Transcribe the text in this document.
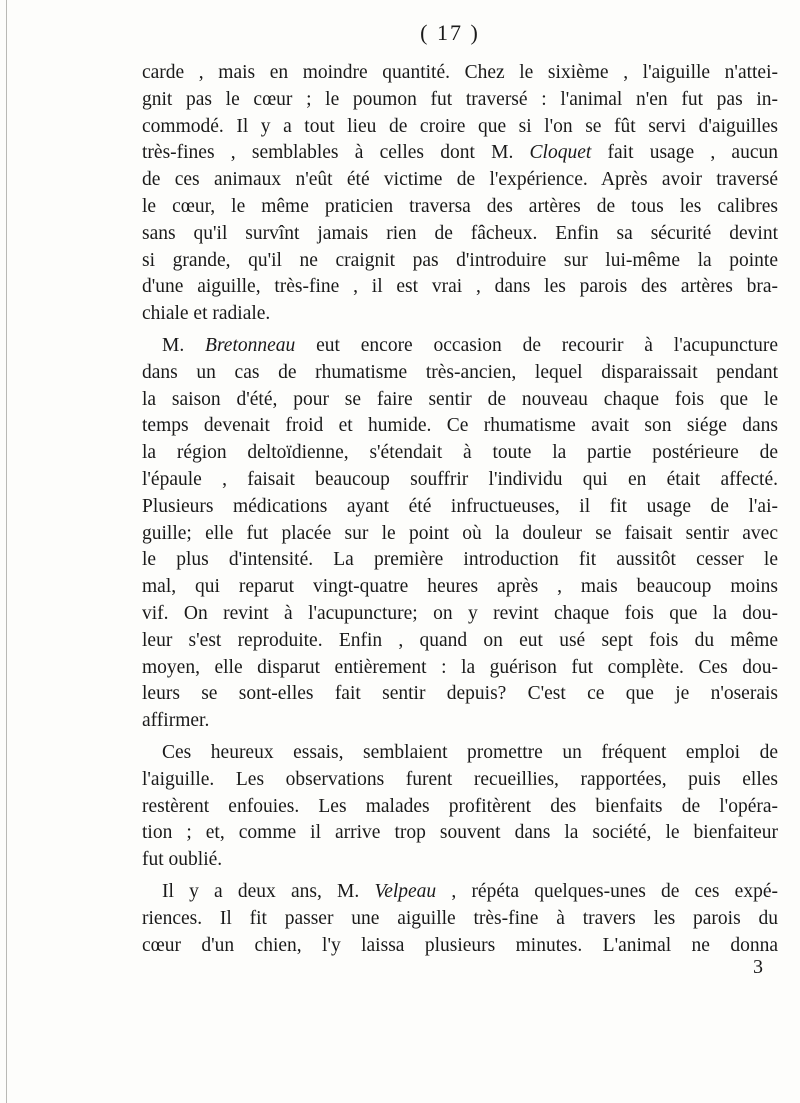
( 17 )

carde , mais en moindre quantité. Chez le sixième , l'aiguille n'attei-
gnit pas le cœur ; le poumon fut traversé : l'animal n'en fut pas in-
commodé. Il y a tout lieu de croire que si l'on se fût servi d'aiguilles
très-fines , semblables à celles dont M. Cloquet fait usage , aucun
de ces animaux n'eût été victime de l'expérience. Après avoir traversé
le cœur, le même praticien traversa des artères de tous les calibres
sans qu'il survînt jamais rien de fâcheux. Enfin sa sécurité devint
si grande, qu'il ne craignit pas d'introduire sur lui-même la pointe
d'une aiguille, très-fine , il est vrai , dans les parois des artères bra-
chiale et radiale.

M. Bretonneau eut encore occasion de recourir à l'acupuncture
dans un cas de rhumatisme très-ancien, lequel disparaissait pendant
la saison d'été, pour se faire sentir de nouveau chaque fois que le
temps devenait froid et humide. Ce rhumatisme avait son siége dans
la région deltoïdienne, s'étendait à toute la partie postérieure de
l'épaule , faisait beaucoup souffrir l'individu qui en était affecté.
Plusieurs médications ayant été infructueuses, il fit usage de l'ai-
guille; elle fut placée sur le point où la douleur se faisait sentir avec
le plus d'intensité. La première introduction fit aussitôt cesser le
mal, qui reparut vingt-quatre heures après , mais beaucoup moins
vif. On revint à l'acupuncture; on y revint chaque fois que la dou-
leur s'est reproduite. Enfin , quand on eut usé sept fois du même
moyen, elle disparut entièrement : la guérison fut complète. Ces dou-
leurs se sont-elles fait sentir depuis? C'est ce que je n'oserais
affirmer.

Ces heureux essais, semblaient promettre un fréquent emploi de
l'aiguille. Les observations furent recueillies, rapportées, puis elles
restèrent enfouies. Les malades profitèrent des bienfaits de l'opéra-
tion ; et, comme il arrive trop souvent dans la société, le bienfaiteur
fut oublié.

Il y a deux ans, M. Velpeau , répéta quelques-unes de ces expé-
riences. Il fit passer une aiguille très-fine à travers les parois du
cœur d'un chien, l'y laissa plusieurs minutes. L'animal ne donna

3
